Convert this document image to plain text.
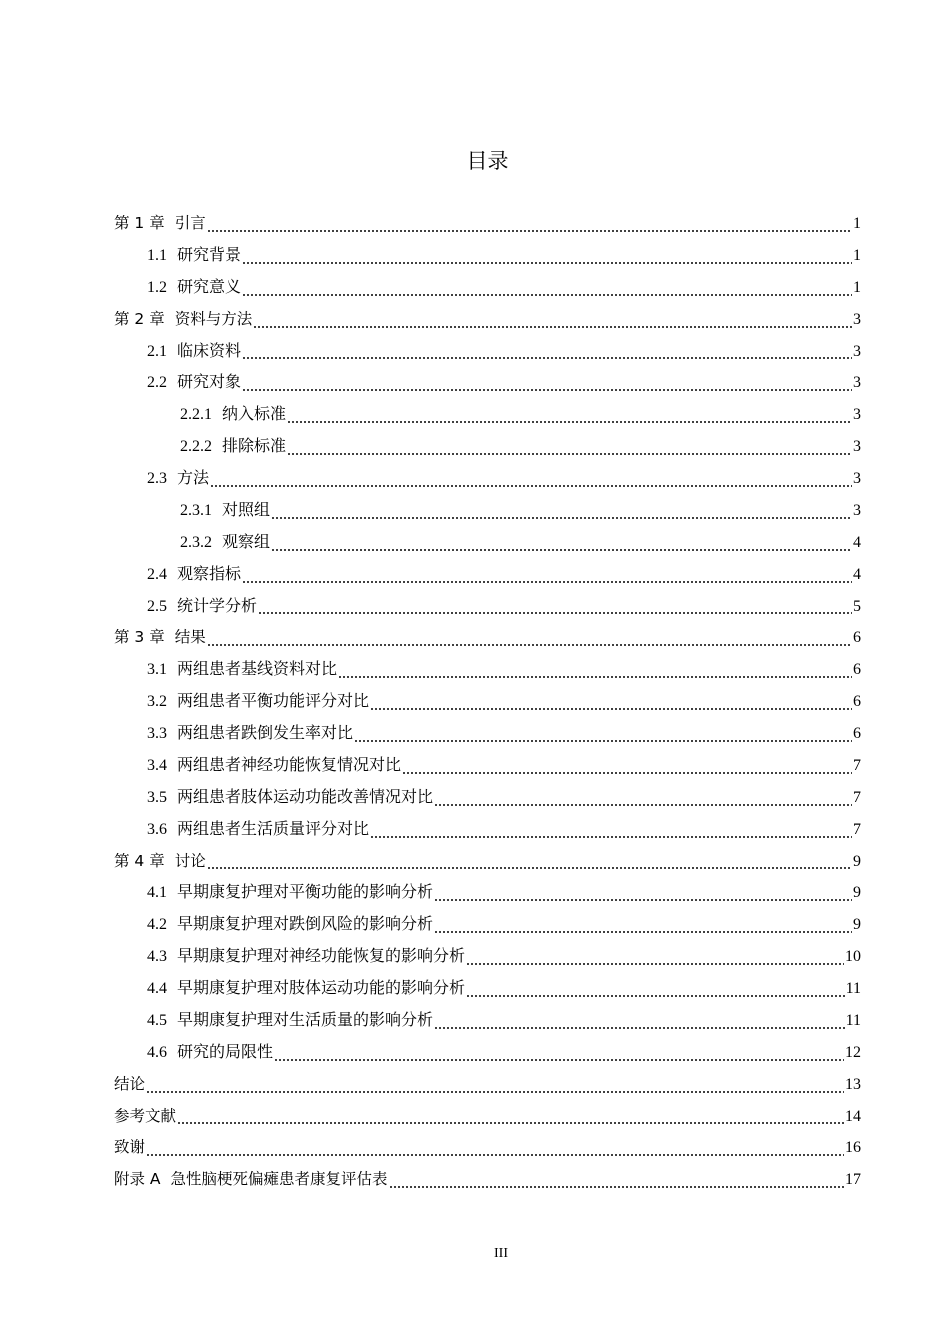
目录
第 1 章 引言	1
1.1 研究背景	1
1.2 研究意义	1
第 2 章 资料与方法	3
2.1 临床资料	3
2.2 研究对象	3
2.2.1 纳入标准	3
2.2.2 排除标准	3
2.3 方法	3
2.3.1 对照组	3
2.3.2 观察组	4
2.4 观察指标	4
2.5 统计学分析	5
第 3 章 结果	6
3.1 两组患者基线资料对比	6
3.2 两组患者平衡功能评分对比	6
3.3 两组患者跌倒发生率对比	6
3.4 两组患者神经功能恢复情况对比	7
3.5 两组患者肢体运动功能改善情况对比	7
3.6 两组患者生活质量评分对比	7
第 4 章 讨论	9
4.1 早期康复护理对平衡功能的影响分析	9
4.2 早期康复护理对跌倒风险的影响分析	9
4.3 早期康复护理对神经功能恢复的影响分析	10
4.4 早期康复护理对肢体运动功能的影响分析	11
4.5 早期康复护理对生活质量的影响分析	11
4.6 研究的局限性	12
结论	13
参考文献	14
致谢	16
附录 A 急性脑梗死偏瘫患者康复评估表	17
III
